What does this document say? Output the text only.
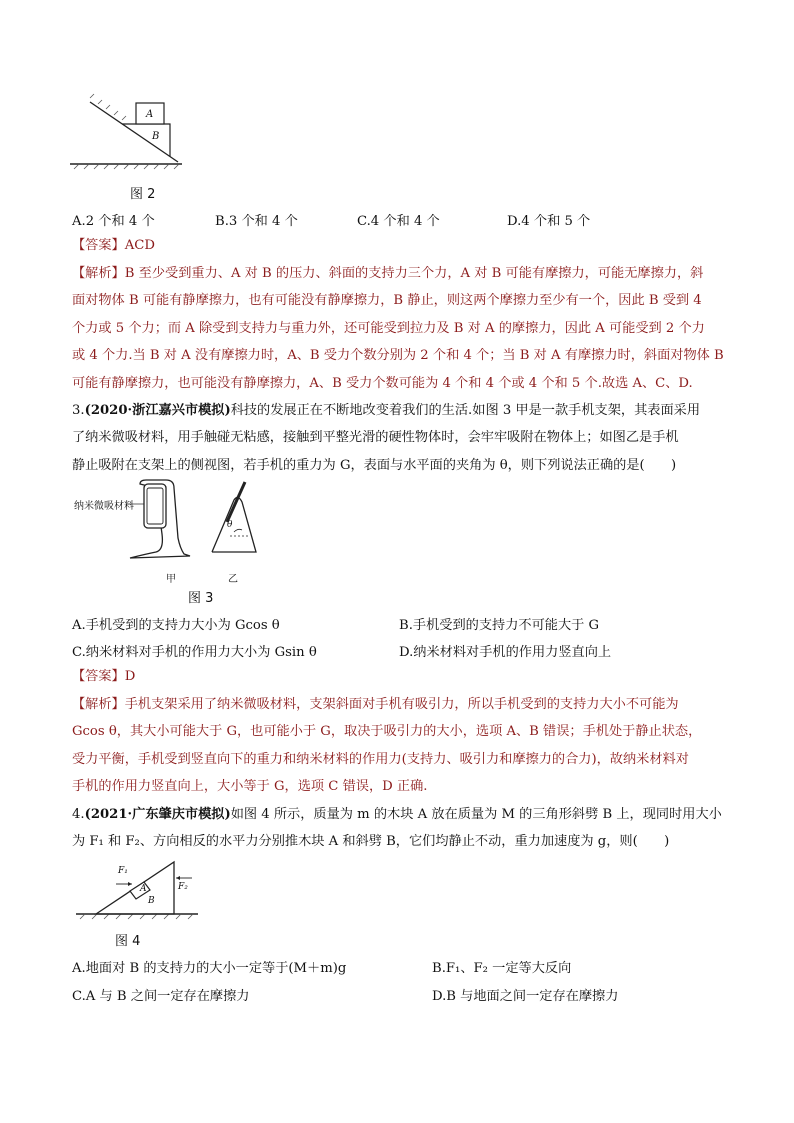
A
B
图 2
A.2 个和 4 个	B.3 个和 4 个	C.4 个和 4 个	D.4 个和 5 个
【答案】ACD
【解析】B 至少受到重力、A 对 B 的压力、斜面的支持力三个力，A 对 B 可能有摩擦力，可能无摩擦力，斜
面对物体 B 可能有静摩擦力，也有可能没有静摩擦力，B 静止，则这两个摩擦力至少有一个，因此 B 受到 4
个力或 5 个力；而 A 除受到支持力与重力外，还可能受到拉力及 B 对 A 的摩擦力，因此 A 可能受到 2 个力
或 4 个力.当 B 对 A 没有摩擦力时，A、B 受力个数分别为 2 个和 4 个；当 B 对 A 有摩擦力时，斜面对物体 B
可能有静摩擦力，也可能没有静摩擦力，A、B 受力个数可能为 4 个和 4 个或 4 个和 5 个.故选 A、C、D.
3.(2020·浙江嘉兴市模拟)科技的发展正在不断地改变着我们的生活.如图 3 甲是一款手机支架，其表面采用
了纳米微吸材料，用手触碰无粘感，接触到平整光滑的硬性物体时，会牢牢吸附在物体上；如图乙是手机
静止吸附在支架上的侧视图，若手机的重力为 G，表面与水平面的夹角为 θ，则下列说法正确的是(　　)
纳米微吸材料
θ
甲	乙
图 3
A.手机受到的支持力大小为 Gcos θ	B.手机受到的支持力不可能大于 G
C.纳米材料对手机的作用力大小为 Gsin θ	D.纳米材料对手机的作用力竖直向上
【答案】D
【解析】手机支架采用了纳米微吸材料，支架斜面对手机有吸引力，所以手机受到的支持力大小不可能为
Gcos θ，其大小可能大于 G，也可能小于 G，取决于吸引力的大小，选项 A、B 错误；手机处于静止状态，
受力平衡，手机受到竖直向下的重力和纳米材料的作用力(支持力、吸引力和摩擦力的合力)，故纳米材料对
手机的作用力竖直向上，大小等于 G，选项 C 错误，D 正确.
4.(2021·广东肇庆市模拟)如图 4 所示，质量为 m 的木块 A 放在质量为 M 的三角形斜劈 B 上，现同时用大小
为 F₁ 和 F₂、方向相反的水平力分别推木块 A 和斜劈 B，它们均静止不动，重力加速度为 g，则(　　)
F₁
A	F₂
B
图 4
A.地面对 B 的支持力的大小一定等于(M＋m)g	B.F₁、F₂ 一定等大反向
C.A 与 B 之间一定存在摩擦力	D.B 与地面之间一定存在摩擦力
